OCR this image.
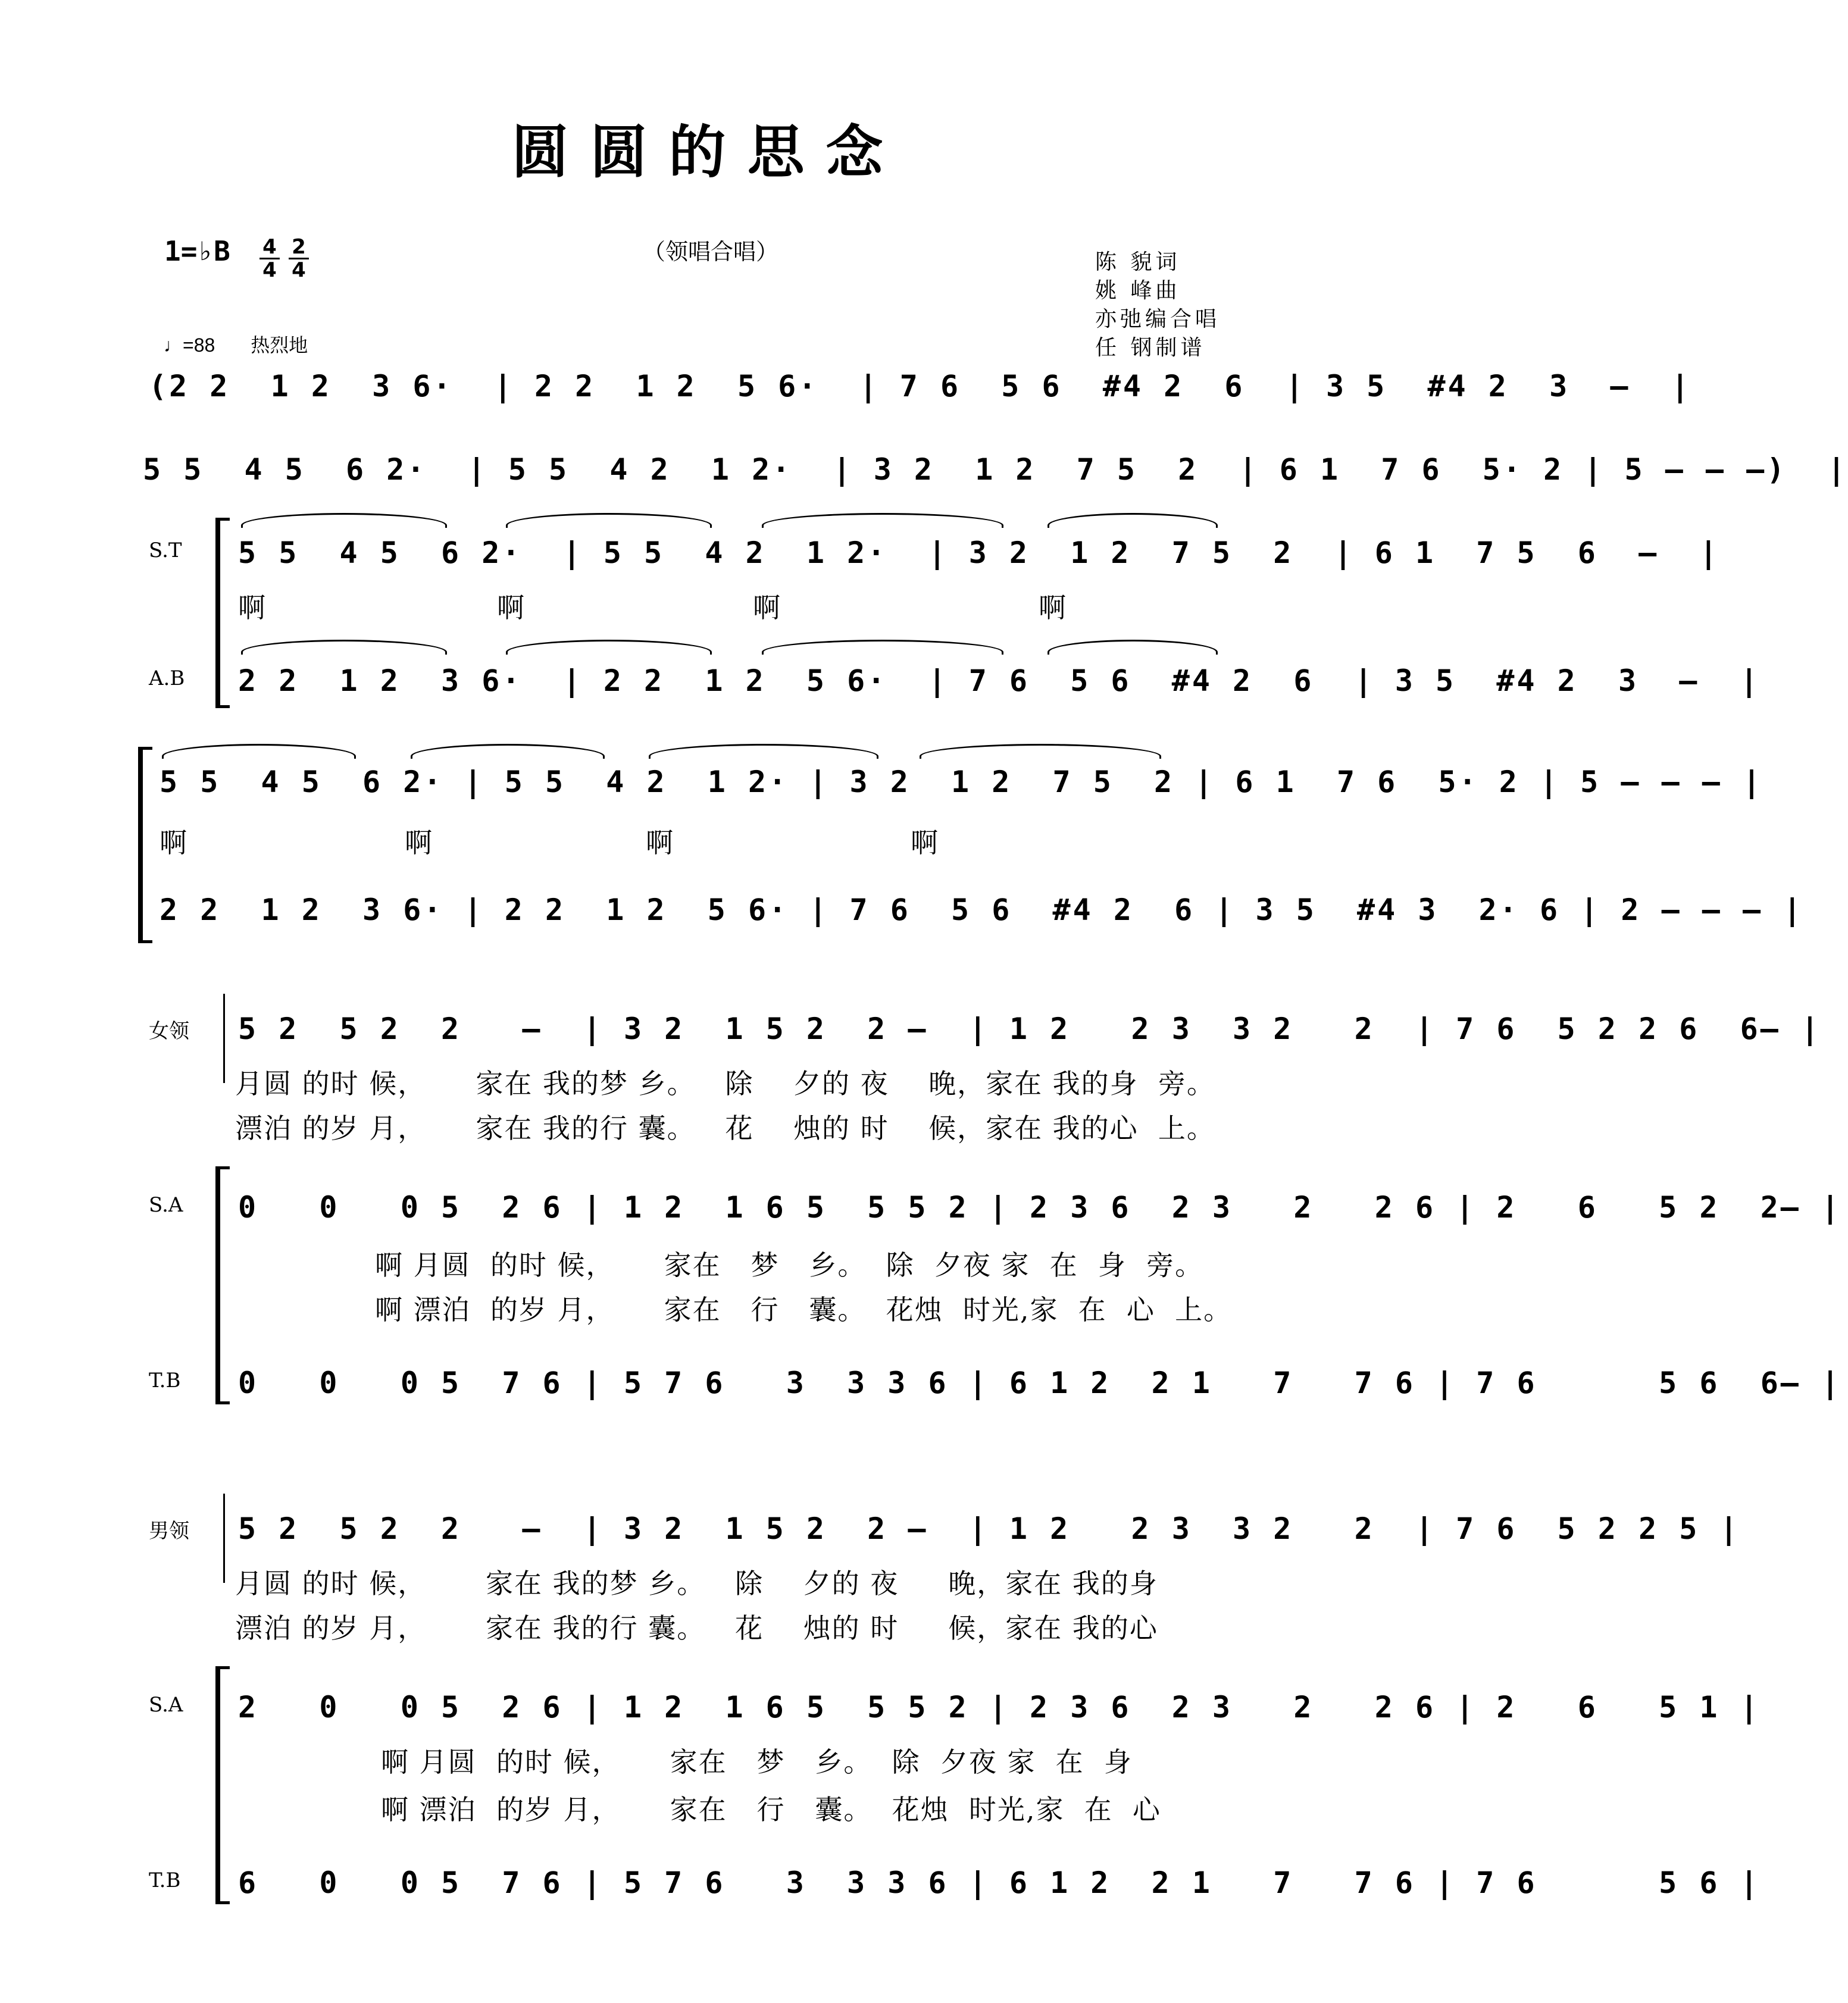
圆圆的思念
1=♭B 4
4
2
4
（领唱合唱）	陈 貌词
姚 峰曲
亦弛编合唱
任 钢制谱
♩=88 热烈地
(2 2  1 2  3 6·  | 2 2  1 2  5 6·  | 7 6  5 6  #4 2  6  | 3 5  #4 2  3  –  |
5 5  4 5  6 2·  | 5 5  4 2  1 2·  | 3 2  1 2  7 5  2  | 6 1  7 6  5· 2 | 5 – – –)  |
S.T
A.B
5 5  4 5  6 2·  | 5 5  4 2  1 2·  | 3 2  1 2  7 5  2  | 6 1  7 5  6  –  |
啊	啊	啊	啊
2 2  1 2  3 6·  | 2 2  1 2  5 6·  | 7 6  5 6  #4 2  6  | 3 5  #4 2  3  –  |
5 5  4 5  6 2· | 5 5  4 2  1 2· | 3 2  1 2  7 5  2 | 6 1  7 6  5· 2 | 5 – – – |
啊	啊	啊	啊
2 2  1 2  3 6· | 2 2  1 2  5 6· | 7 6  5 6  #4 2  6 | 3 5  #4 3  2· 6 | 2 – – – |
女领 5 2  5 2  2   –  | 3 2  1 5 2  2 –  | 1 2   2 3  3 2   2  | 7 6  5 2 2 6  6– |
月圆 的时 候，     家在 我的梦 乡。   除    夕的 夜    晚，家在 我的身  旁。
漂泊 的岁 月，     家在 我的行 囊。   花    烛的 时    候，家在 我的心  上。
S.A
T.B
0   0   0 5  2 6 | 1 2  1 6 5  5 5 2 | 2 3 6  2 3   2   2 6 | 2   6   5 2  2– |
啊 月圆  的时 候，     家在   梦   乡。  除  夕夜 家  在  身  旁。
啊 漂泊  的岁 月，     家在   行   囊。  花烛  时光,家  在  心  上。
0   0   0 5  7 6 | 5 7 6   3  3 3 6 | 6 1 2  2 1   7   7 6 | 7 6      5 6  6– |
男领 5 2  5 2  2   –  | 3 2  1 5 2  2 –  | 1 2   2 3  3 2   2  | 7 6  5 2 2 5 |
月圆 的时 候，      家在 我的梦 乡。   除    夕的 夜     晚，家在 我的身
漂泊 的岁 月，      家在 我的行 囊。   花    烛的 时     候，家在 我的心
S.A
T.B
2   0   0 5  2 6 | 1 2  1 6 5  5 5 2 | 2 3 6  2 3   2   2 6 | 2   6   5 1 |
啊 月圆  的时 候，     家在   梦   乡。  除  夕夜 家  在  身
啊 漂泊  的岁 月，     家在   行   囊。  花烛  时光,家  在  心
6   0   0 5  7 6 | 5 7 6   3  3 3 6 | 6 1 2  2 1   7   7 6 | 7 6      5 6 |
